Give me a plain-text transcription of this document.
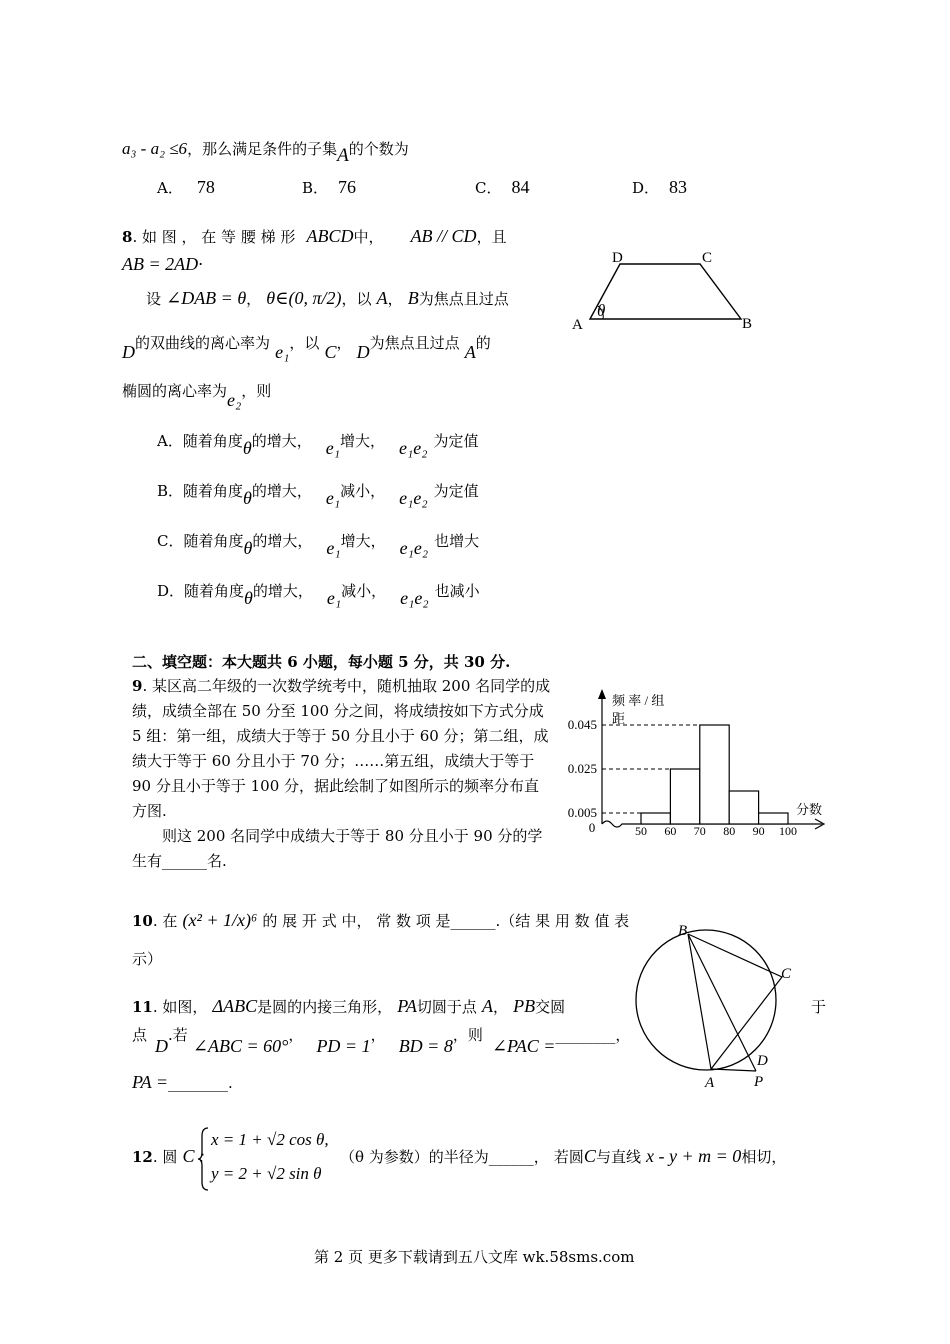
a₃ - a₂ ≤6，那么满足条件的子集A的个数为
A． 78	B． 76	C． 84	D． 83
8. 如 图 ， 在 等 腰 梯 形 ABCD中， AB // CD，且
AB = 2AD·
设 ∠DAB = θ， θ∈(0, π/2)，以 A， B为焦点且过点
D的双曲线的离心率为 e₁，以 C， D为焦点且过点 A的
椭圆的离心率为e₂，则
A．随着角度θ的增大， e₁增大， e₁e₂ 为定值
B．随着角度θ的增大， e₁减小， e₁e₂ 为定值
C．随着角度θ的增大， e₁增大， e₁e₂ 也增大
D．随着角度θ的增大， e₁减小， e₁e₂ 也减小
D	C
A	B
θ
二、填空题：本大题共 6 小题，每小题 5 分，共 30 分.
9. 某区高二年级的一次数学统考中，随机抽取 200 名同学的成绩，成绩全部在 50 分至 100 分之间，将成绩按如下方式分成 5 组：第一组，成绩大于等于 50 分且小于 60 分；第二组，成绩大于等于 60 分且小于 70 分；……第五组，成绩大于等于 90 分且小于等于 100 分，据此绘制了如图所示的频率分布直方图.
则这 200 名同学中成绩大于等于 80 分且小于 90 分的学生有______名.
0.005
0.025
0.045
50 60 70 80 90 100
0
分数
频 率 / 组
距
10. 在 (x² + 1/x)⁶ 的 展 开 式 中， 常 数 项 是______.（结 果 用 数 值 表
示）
11. 如图， ΔABC是圆的内接三角形， PA切圆于点 A， PB交圆	于
点D.若 ∠ABC = 60°， PD = 1， BD = 8，则 ∠PAC =________，
PA =________.
B
C
D
A	P
12. 圆 C :
x = 1 + √2 cos θ,
y = 2 + √2 sin θ
（θ 为参数）的半径为______， 若圆C与直线 x - y + m = 0相切，
第 2 页 更多下载请到五八文库 wk.58sms.com
